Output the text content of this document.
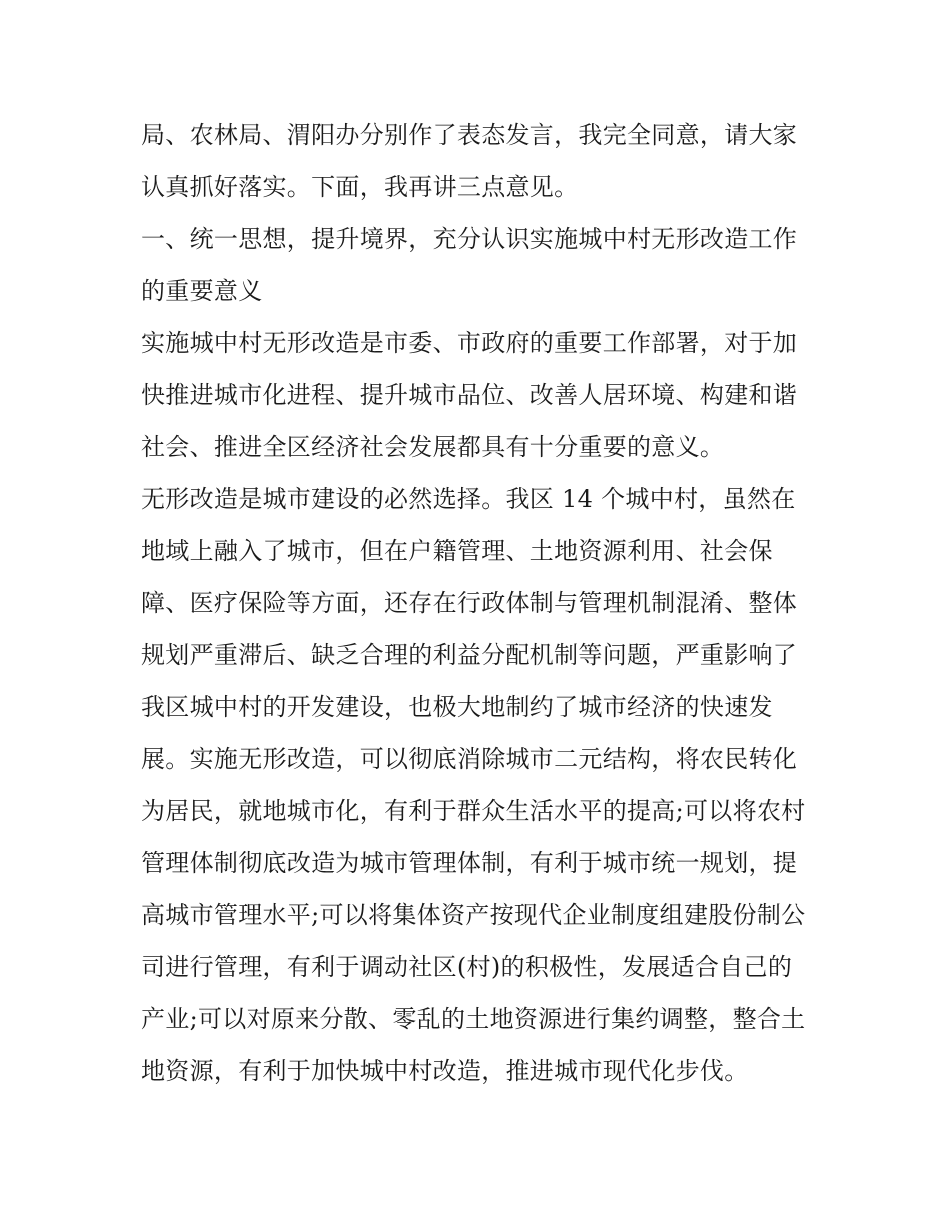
局、农林局、渭阳办分别作了表态发言，我完全同意，请大家认真抓好落实。下面，我再讲三点意见。

一、统一思想，提升境界，充分认识实施城中村无形改造工作的重要意义

实施城中村无形改造是市委、市政府的重要工作部署，对于加快推进城市化进程、提升城市品位、改善人居环境、构建和谐社会、推进全区经济社会发展都具有十分重要的意义。

无形改造是城市建设的必然选择。我区 14 个城中村，虽然在地域上融入了城市，但在户籍管理、土地资源利用、社会保障、医疗保险等方面，还存在行政体制与管理机制混淆、整体规划严重滞后、缺乏合理的利益分配机制等问题，严重影响了我区城中村的开发建设，也极大地制约了城市经济的快速发展。实施无形改造，可以彻底消除城市二元结构，将农民转化为居民，就地城市化，有利于群众生活水平的提高;可以将农村管理体制彻底改造为城市管理体制，有利于城市统一规划，提高城市管理水平;可以将集体资产按现代企业制度组建股份制公司进行管理，有利于调动社区(村)的积极性，发展适合自己的产业;可以对原来分散、零乱的土地资源进行集约调整，整合土地资源，有利于加快城中村改造，推进城市现代化步伐。
